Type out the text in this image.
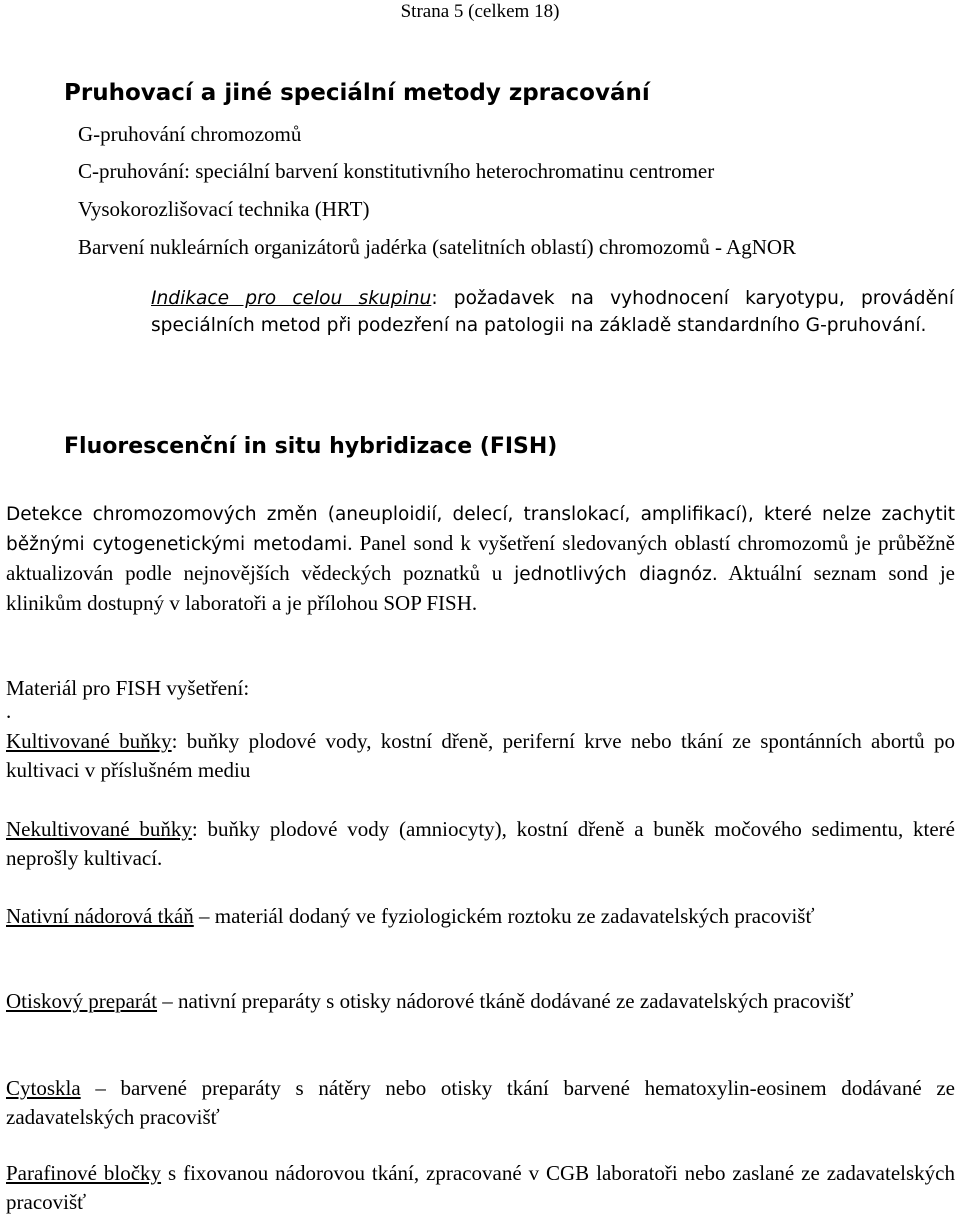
Strana 5 (celkem 18)
Pruhovací a jiné speciální metody zpracování
G-pruhování chromozomů
C-pruhování: speciální barvení konstitutivního heterochromatinu centromer
Vysokorozlišovací technika (HRT)
Barvení nukleárních organizátorů jadérka (satelitních oblastí) chromozomů - AgNOR
Indikace pro celou skupinu: požadavek na vyhodnocení karyotypu, provádění speciálních metod při podezření na patologii na základě standardního G-pruhování.
Fluorescenční in situ hybridizace (FISH)
Detekce chromozomových změn (aneuploidií, delecí, translokací, amplifikací), které nelze zachytit běžnými cytogenetickými metodami. Panel sond k vyšetření sledovaných oblastí chromozomů je průběžně aktualizován podle nejnovějších vědeckých poznatků u jednotlivých diagnóz. Aktuální seznam sond je klinikům dostupný v laboratoři a je přílohou SOP FISH.
Materiál pro FISH vyšetření:
.
Kultivované buňky: buňky plodové vody, kostní dřeně, periferní krve nebo tkání ze spontánních abortů po kultivaci v příslušném mediu
Nekultivované buňky: buňky plodové vody (amniocyty), kostní dřeně a buněk močového sedimentu, které neprošly kultivací.
Nativní nádorová tkáň – materiál dodaný ve fyziologickém roztoku ze zadavatelských pracovišť
Otiskový preparát – nativní preparáty s otisky nádorové tkáně dodávané ze zadavatelských pracovišť
Cytoskla – barvené preparáty s nátěry nebo otisky tkání barvené hematoxylin-eosinem dodávané ze zadavatelských pracovišť
Parafinové bločky s fixovanou nádorovou tkání, zpracované v CGB laboratoři nebo zaslané ze zadavatelských pracovišť
